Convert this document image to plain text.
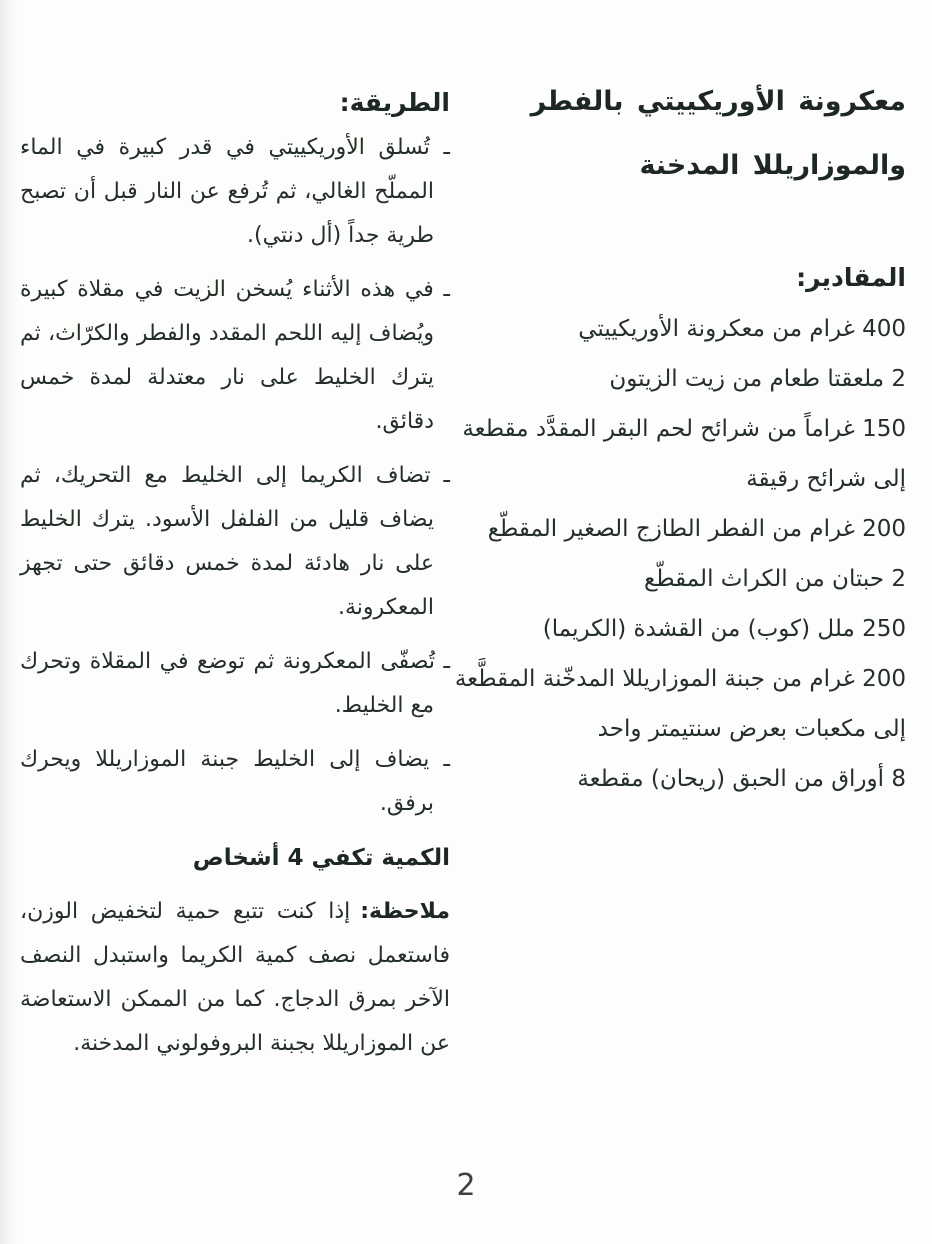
معكرونة الأوريكييتي بالفطر
والموزاريللا المدخنة
المقادير:
400 غرام من معكرونة الأوريكييتي
2 ملعقتا طعام من زيت الزيتون
150 غراماً من شرائح لحم البقر المقدَّد مقطعة إلى شرائح رقيقة
200 غرام من الفطر الطازج الصغير المقطّع
2 حبتان من الكراث المقطّع
250 ملل (كوب) من القشدة (الكريما)
200 غرام من جبنة الموزاريللا المدخّنة المقطَّعة إلى مكعبات بعرض سنتيمتر واحد
8 أوراق من الحبق (ريحان) مقطعة
الطريقة:

ـ تُسلق الأوريكييتي في قدر كبيرة في الماء المملّح الغالي، ثم تُرفع عن النار قبل أن تصبح طرية جداً (أل دنتي).

ـ في هذه الأثناء يُسخن الزيت في مقلاة كبيرة ويُضاف إليه اللحم المقدد والفطر والكرّاث، ثم يترك الخليط على نار معتدلة لمدة خمس دقائق.

ـ تضاف الكريما إلى الخليط مع التحريك، ثم يضاف قليل من الفلفل الأسود. يترك الخليط على نار هادئة لمدة خمس دقائق حتى تجهز المعكرونة.

ـ تُصفّى المعكرونة ثم توضع في المقلاة وتحرك مع الخليط.

ـ يضاف إلى الخليط جبنة الموزاريللا ويحرك برفق.

الكمية تكفي 4 أشخاص

ملاحظة:إذا كنت تتبع حمية لتخفيض الوزن، فاستعمل نصف كمية الكريما واستبدل النصف الآخر بمرق الدجاج. كما من الممكن الاستعاضة عن الموزاريللا بجبنة البروفولوني المدخنة.

2
